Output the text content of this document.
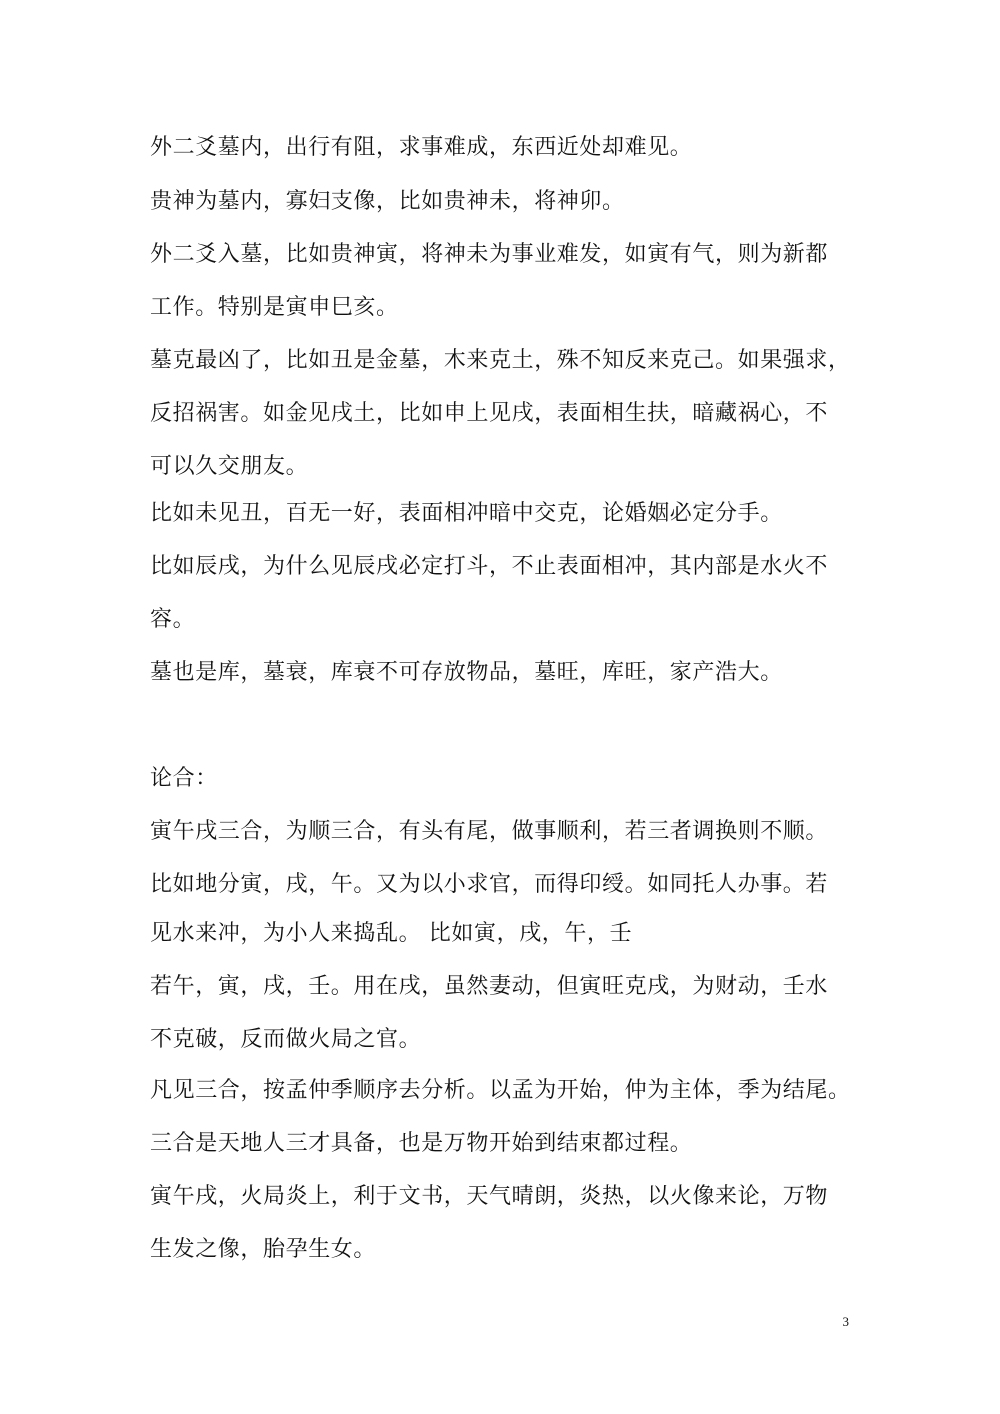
外二爻墓内，出行有阻，求事难成，东西近处却难见。
贵神为墓内，寡妇支像，比如贵神未，将神卯。
外二爻入墓，比如贵神寅，将神未为事业难发，如寅有气，则为新都
工作。特别是寅申巳亥。
墓克最凶了，比如丑是金墓，木来克土，殊不知反来克己。如果强求，
反招祸害。如金见戌土，比如申上见戌，表面相生扶，暗藏祸心，不
可以久交朋友。
比如未见丑，百无一好，表面相冲暗中交克，论婚姻必定分手。
比如辰戌，为什么见辰戌必定打斗，不止表面相冲，其内部是水火不
容。
墓也是库，墓衰，库衰不可存放物品，墓旺，库旺，家产浩大。
论合：
寅午戌三合，为顺三合，有头有尾，做事顺利，若三者调换则不顺。
比如地分寅，戌，午。又为以小求官，而得印绶。如同托人办事。若
见水来冲，为小人来捣乱。 比如寅，戌，午，壬
若午，寅，戌，壬。用在戌，虽然妻动，但寅旺克戌，为财动，壬水
不克破，反而做火局之官。
凡见三合，按孟仲季顺序去分析。以孟为开始，仲为主体，季为结尾。
三合是天地人三才具备，也是万物开始到结束都过程。
寅午戌，火局炎上，利于文书，天气晴朗，炎热，以火像来论，万物
生发之像，胎孕生女。
3
